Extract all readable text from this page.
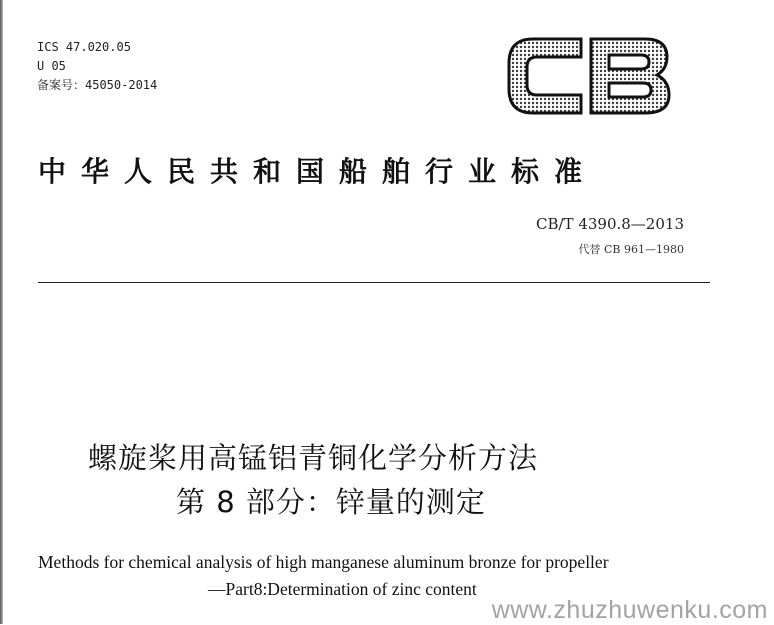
ICS 47.020.05
U 05
备案号：45050-2014
中华人民共和国船舶行业标准
CB/T 4390.8—2013
代替 CB 961—1980
螺旋桨用高锰铝青铜化学分析方法
第 8 部分：锌量的测定
Methods for chemical analysis of high manganese aluminum bronze for propeller
—Part8:Determination of zinc content
www.zhuzhuwenku.com
